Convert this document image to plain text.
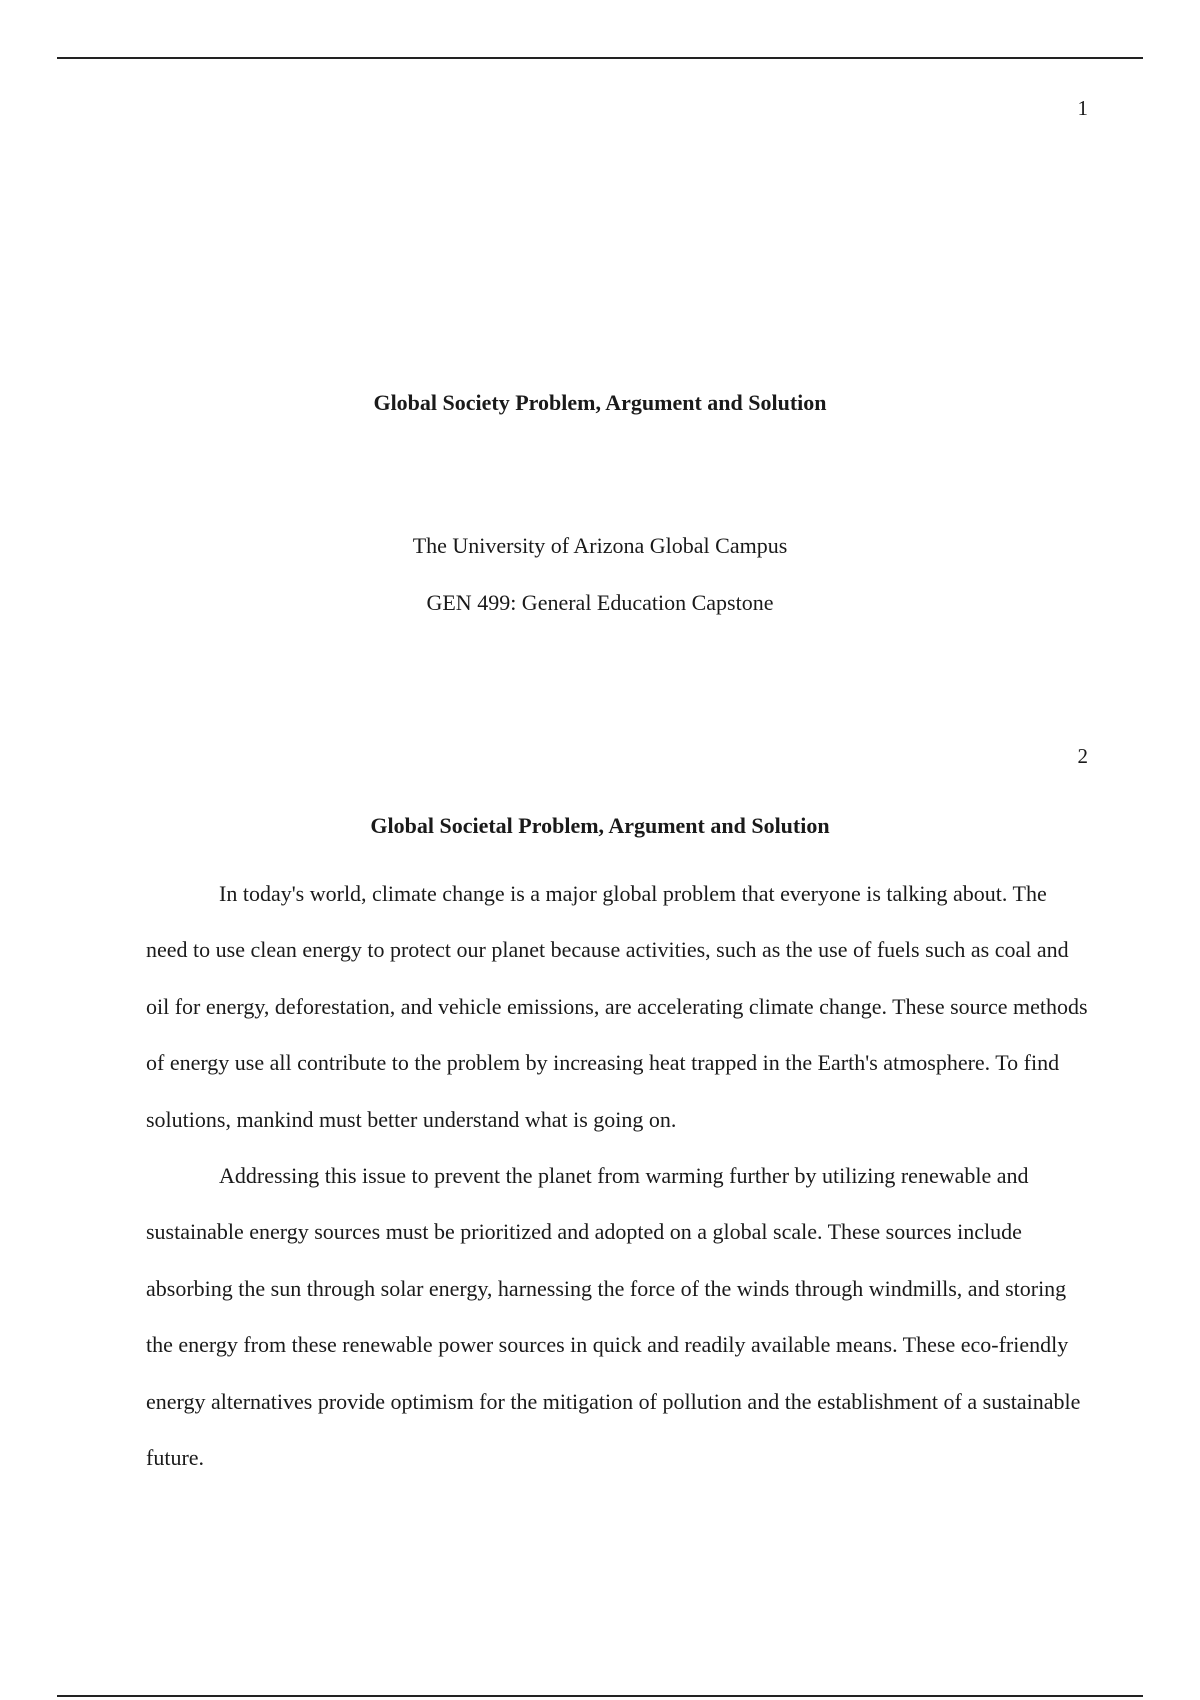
1
Global Society Problem, Argument and Solution
The University of Arizona Global Campus
GEN 499: General Education Capstone
2
Global Societal Problem, Argument and Solution

In today's world, climate change is a major global problem that everyone is talking about. The need to use clean energy to protect our planet because activities, such as the use of fuels such as coal and oil for energy, deforestation, and vehicle emissions, are accelerating climate change. These source methods of energy use all contribute to the problem by increasing heat trapped in the Earth's atmosphere. To find solutions, mankind must better understand what is going on.

Addressing this issue to prevent the planet from warming further by utilizing renewable and sustainable energy sources must be prioritized and adopted on a global scale. These sources include absorbing the sun through solar energy, harnessing the force of the winds through windmills, and storing the energy from these renewable power sources in quick and readily available means. These eco-friendly energy alternatives provide optimism for the mitigation of pollution and the establishment of a sustainable future.
